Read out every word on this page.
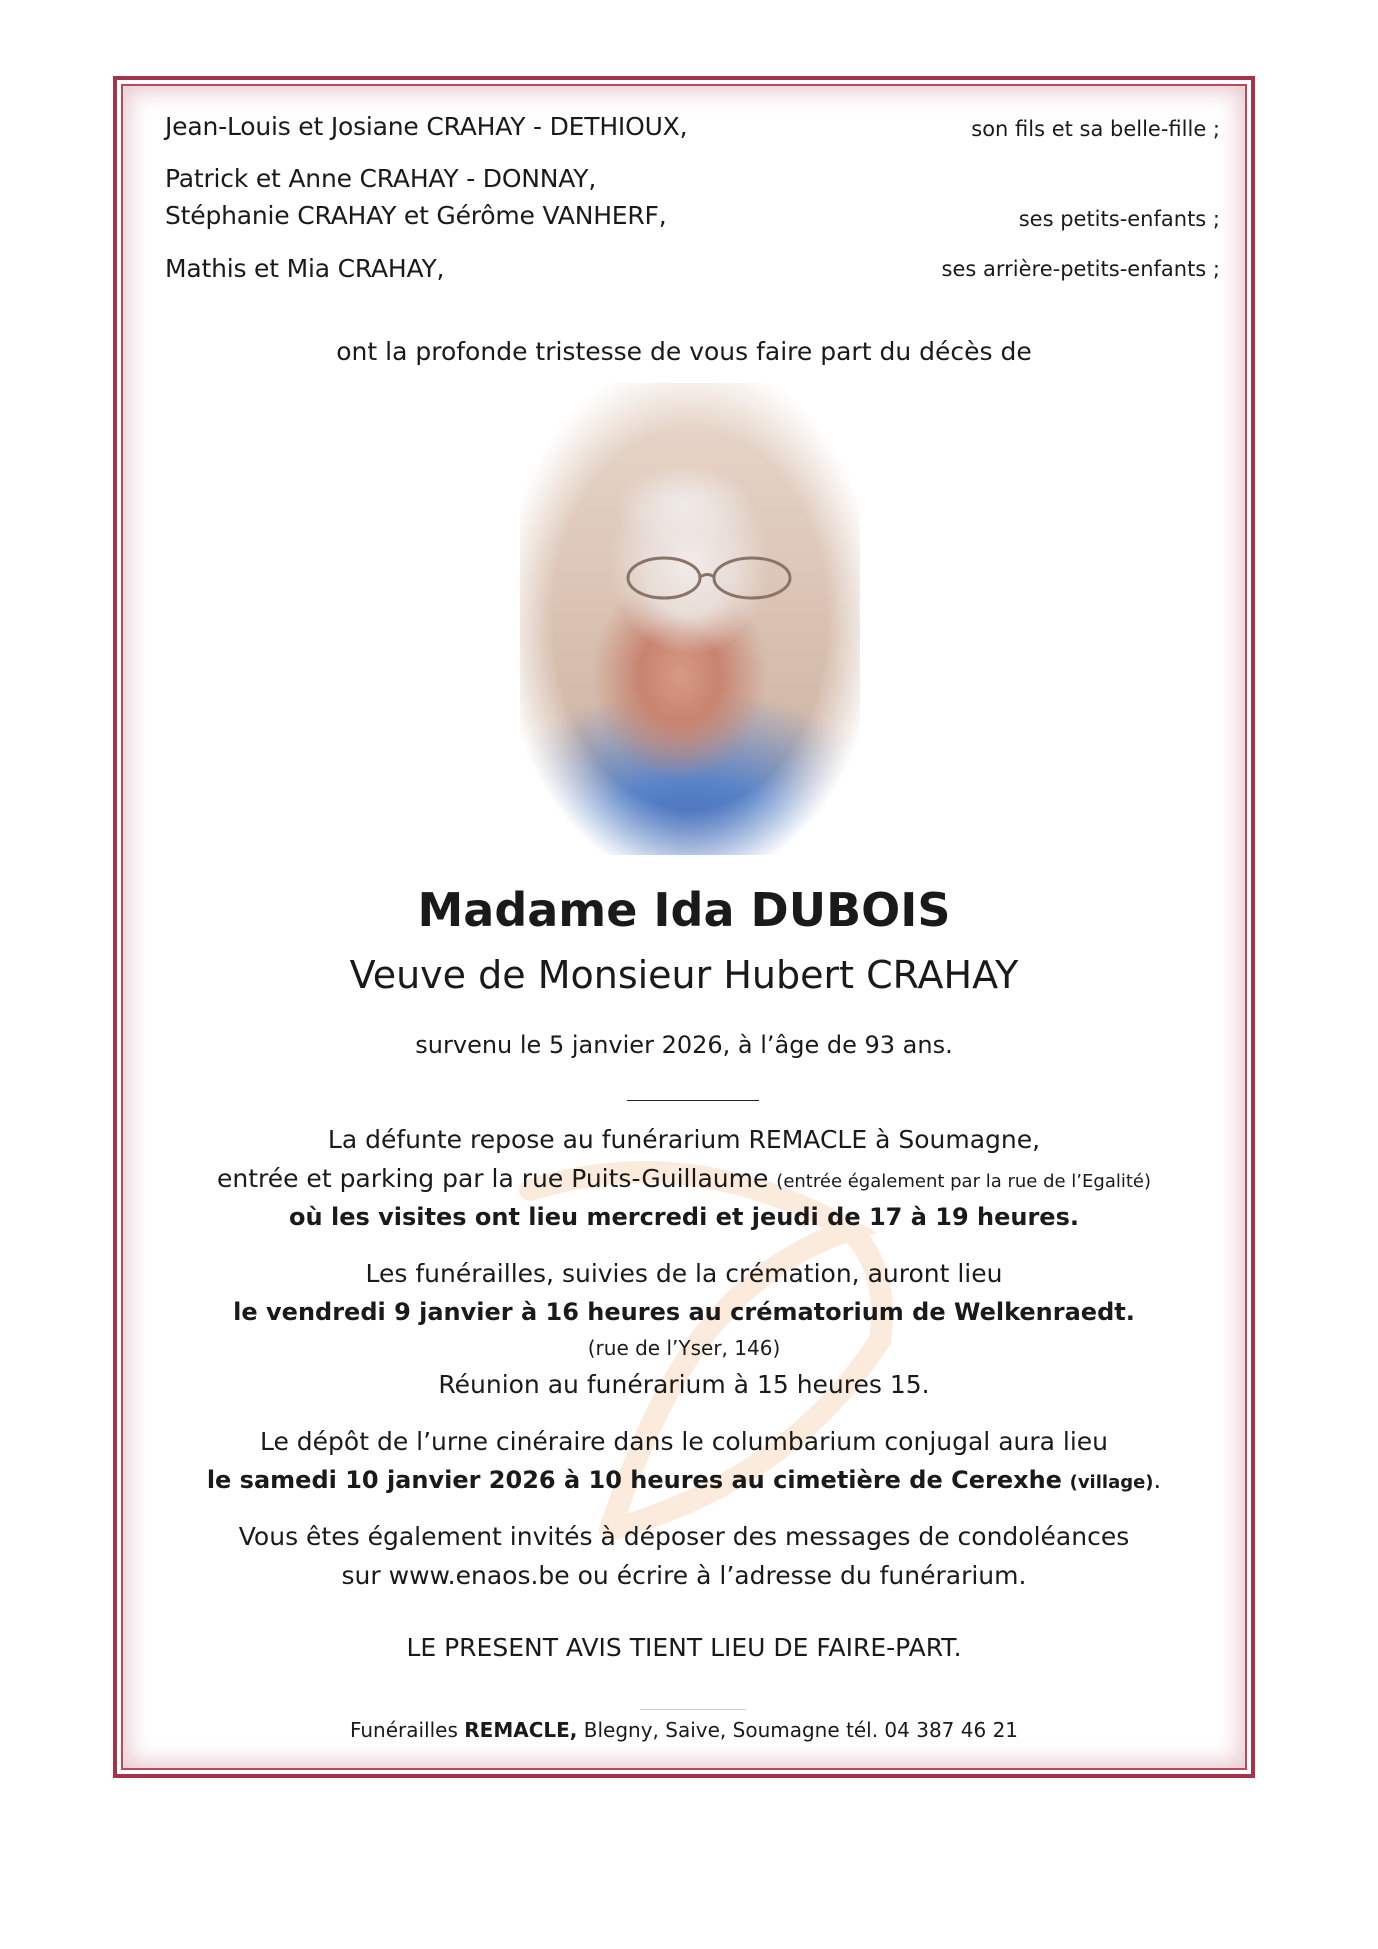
Jean-Louis et Josiane CRAHAY - DETHIOUX,	son fils et sa belle-fille ;
Patrick et Anne CRAHAY - DONNAY,
Stéphanie CRAHAY et Gérôme VANHERF,	ses petits-enfants ;
Mathis et Mia CRAHAY,	ses arrière-petits-enfants ;
ont la profonde tristesse de vous faire part du décès de
Madame Ida DUBOIS
Veuve de Monsieur Hubert CRAHAY
survenu le 5 janvier 2026, à l’âge de 93 ans.
La défunte repose au funérarium REMACLE à Soumagne,
entrée et parking par la rue Puits-Guillaume (entrée également par la rue de l’Egalité)
où les visites ont lieu mercredi et jeudi de 17 à 19 heures.
Les funérailles, suivies de la crémation, auront lieu
le vendredi 9 janvier à 16 heures au crématorium de Welkenraedt.
(rue de l’Yser, 146)
Réunion au funérarium à 15 heures 15.
Le dépôt de l’urne cinéraire dans le columbarium conjugal aura lieu
le samedi 10 janvier 2026 à 10 heures au cimetière de Cerexhe (village).
Vous êtes également invités à déposer des messages de condoléances
sur www.enaos.be ou écrire à l’adresse du funérarium.
LE PRESENT AVIS TIENT LIEU DE FAIRE-PART.
Funérailles REMACLE, Blegny, Saive, Soumagne tél. 04 387 46 21
